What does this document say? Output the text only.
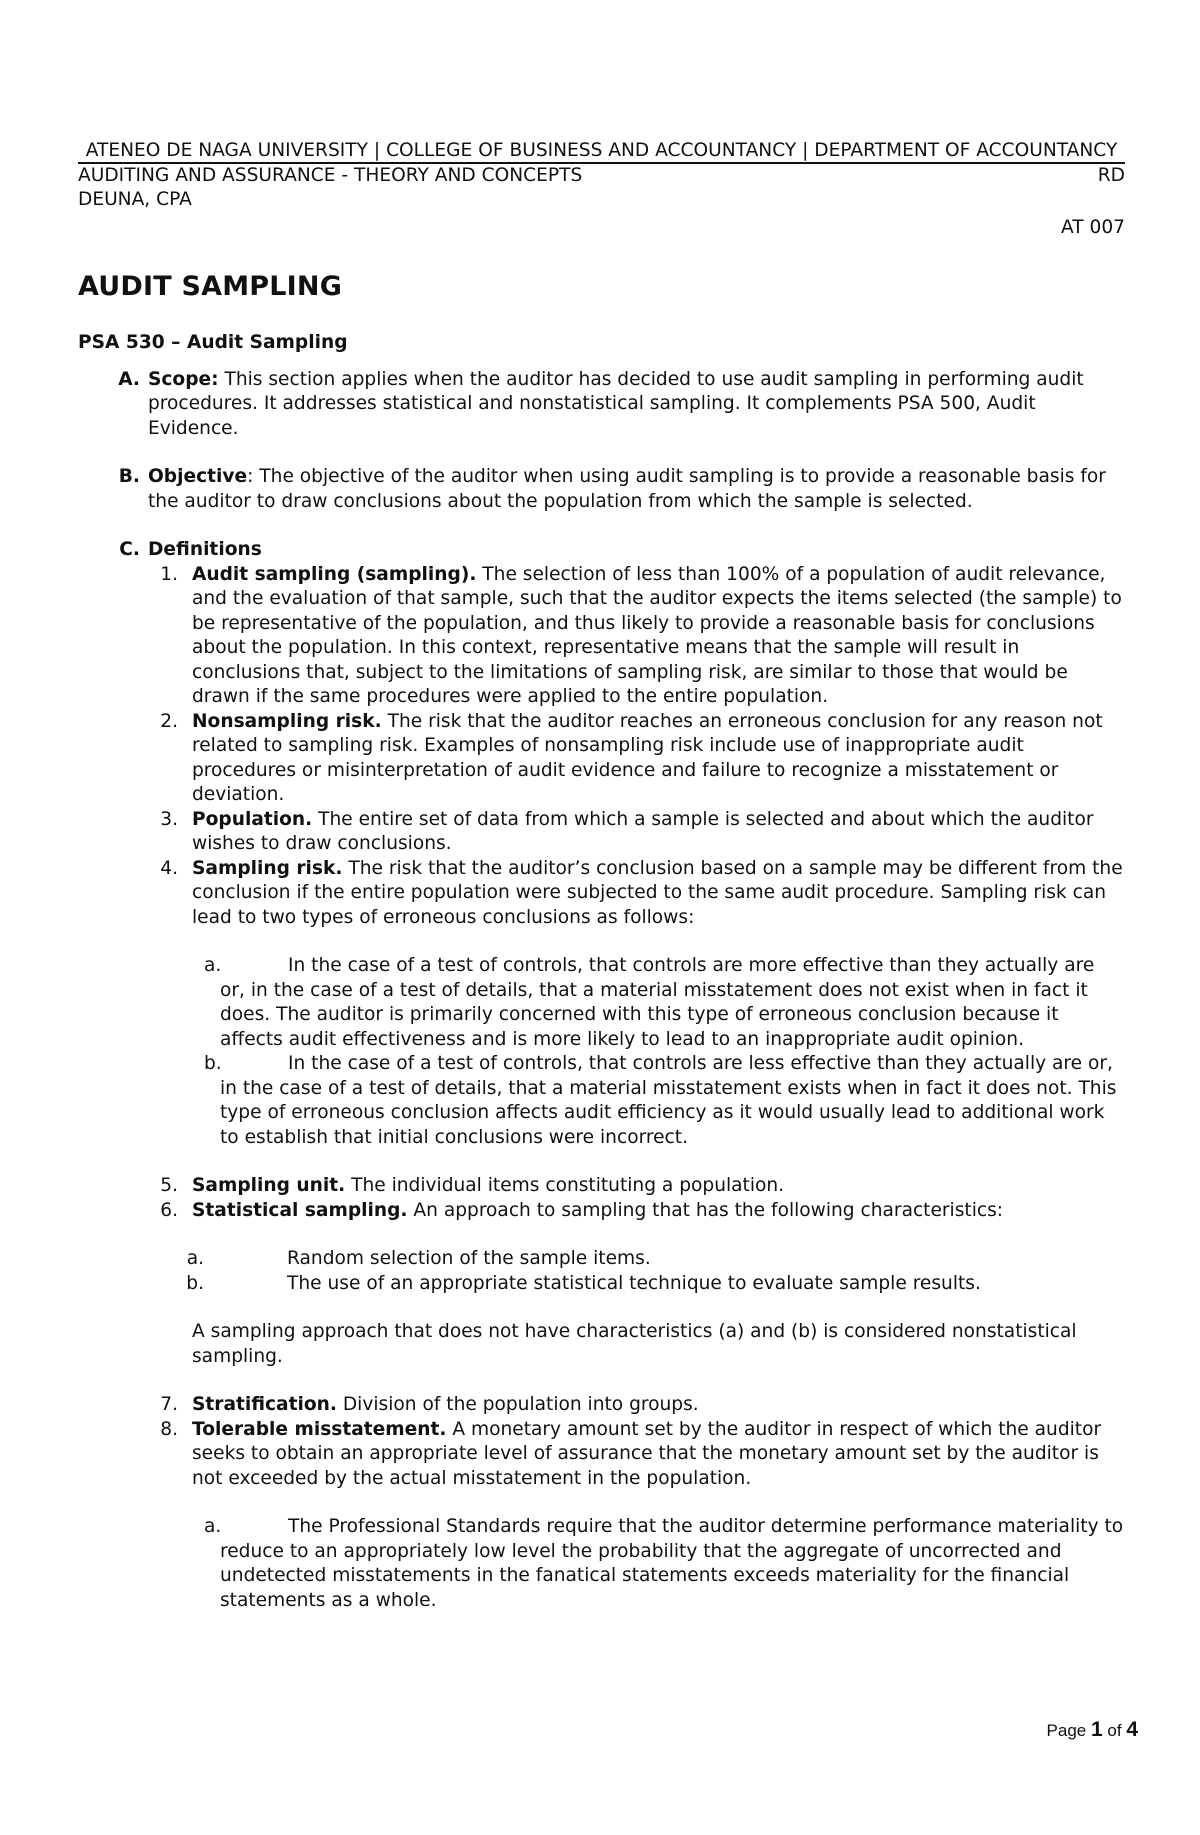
ATENEO DE NAGA UNIVERSITY | COLLEGE OF BUSINESS AND ACCOUNTANCY | DEPARTMENT OF ACCOUNTANCY
AUDITING AND ASSURANCE - THEORY AND CONCEPTS	RD
DEUNA, CPA
AT 007
AUDIT SAMPLING
PSA 530 – Audit Sampling
A. Scope: This section applies when the auditor has decided to use audit sampling in performing audit procedures. It addresses statistical and nonstatistical sampling. It complements PSA 500, Audit Evidence.
B. Objective: The objective of the auditor when using audit sampling is to provide a reasonable basis for the auditor to draw conclusions about the population from which the sample is selected.
C. Definitions
1. Audit sampling (sampling). The selection of less than 100% of a population of audit relevance, and the evaluation of that sample, such that the auditor expects the items selected (the sample) to be representative of the population, and thus likely to provide a reasonable basis for conclusions about the population. In this context, representative means that the sample will result in conclusions that, subject to the limitations of sampling risk, are similar to those that would be drawn if the same procedures were applied to the entire population.
2. Nonsampling risk. The risk that the auditor reaches an erroneous conclusion for any reason not related to sampling risk. Examples of nonsampling risk include use of inappropriate audit procedures or misinterpretation of audit evidence and failure to recognize a misstatement or deviation.
3. Population. The entire set of data from which a sample is selected and about which the auditor wishes to draw conclusions.
4. Sampling risk. The risk that the auditor’s conclusion based on a sample may be different from the conclusion if the entire population were subjected to the same audit procedure. Sampling risk can lead to two types of erroneous conclusions as follows:
a.	In the case of a test of controls, that controls are more effective than they actually are or, in the case of a test of details, that a material misstatement does not exist when in fact it does. The auditor is primarily concerned with this type of erroneous conclusion because it affects audit effectiveness and is more likely to lead to an inappropriate audit opinion.
b.	In the case of a test of controls, that controls are less effective than they actually are or, in the case of a test of details, that a material misstatement exists when in fact it does not. This type of erroneous conclusion affects audit efficiency as it would usually lead to additional work to establish that initial conclusions were incorrect.
5. Sampling unit. The individual items constituting a population.
6. Statistical sampling. An approach to sampling that has the following characteristics:
a.	Random selection of the sample items.
b.	The use of an appropriate statistical technique to evaluate sample results.
A sampling approach that does not have characteristics (a) and (b) is considered nonstatistical sampling.
7. Stratification. Division of the population into groups.
8. Tolerable misstatement. A monetary amount set by the auditor in respect of which the auditor seeks to obtain an appropriate level of assurance that the monetary amount set by the auditor is not exceeded by the actual misstatement in the population.
a.	The Professional Standards require that the auditor determine performance materiality to reduce to an appropriately low level the probability that the aggregate of uncorrected and undetected misstatements in the fanatical statements exceeds materiality for the financial statements as a whole.
Page 1 of 4
